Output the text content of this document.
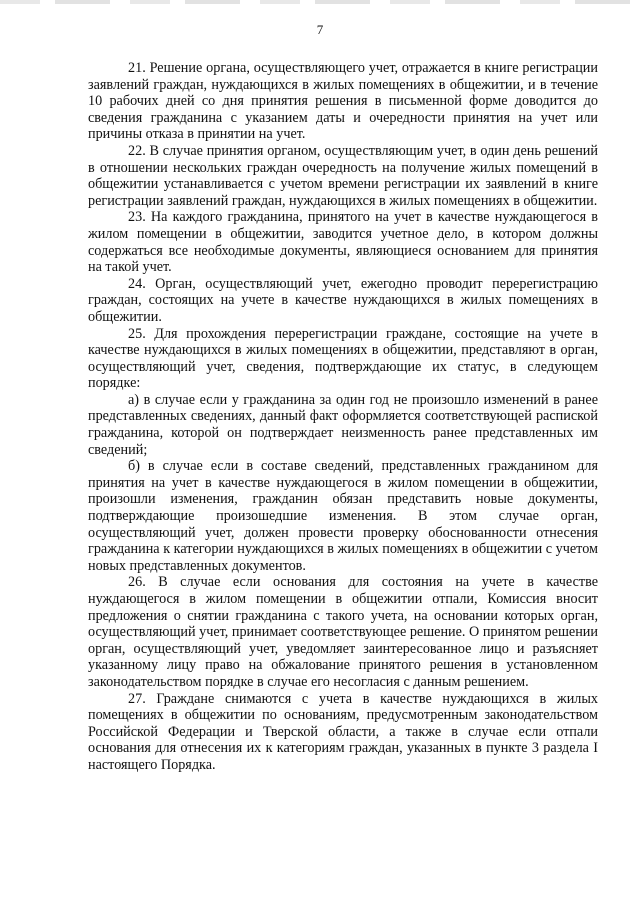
7

21. Решение органа, осуществляющего учет, отражается в книге регистрации заявлений граждан, нуждающихся в жилых помещениях в общежитии, и в течение 10 рабочих дней со дня принятия решения в письменной форме доводится до сведения гражданина с указанием даты и очередности принятия на учет или причины отказа в принятии на учет.

22. В случае принятия органом, осуществляющим учет, в один день решений в отношении нескольких граждан очередность на получение жилых помещений в общежитии устанавливается с учетом времени регистрации их заявлений в книге регистрации заявлений граждан, нуждающихся в жилых помещениях в общежитии.

23. На каждого гражданина, принятого на учет в качестве нуждающегося в жилом помещении в общежитии, заводится учетное дело, в котором должны содержаться все необходимые документы, являющиеся основанием для принятия на такой учет.

24. Орган, осуществляющий учет, ежегодно проводит перерегистрацию граждан, состоящих на учете в качестве нуждающихся в жилых помещениях в общежитии.

25. Для прохождения перерегистрации граждане, состоящие на учете в качестве нуждающихся в жилых помещениях в общежитии, представляют в орган, осуществляющий учет, сведения, подтверждающие их статус, в следующем порядке:

а) в случае если у гражданина за один год не произошло изменений в ранее представленных сведениях, данный факт оформляется соответствующей распиской гражданина, которой он подтверждает неизменность ранее представленных им сведений;

б) в случае если в составе сведений, представленных гражданином для принятия на учет в качестве нуждающегося в жилом помещении в общежитии, произошли изменения, гражданин обязан представить новые документы, подтверждающие произошедшие изменения. В этом случае орган, осуществляющий учет, должен провести проверку обоснованности отнесения гражданина к категории нуждающихся в жилых помещениях в общежитии с учетом новых представленных документов.

26. В случае если основания для состояния на учете в качестве нуждающегося в жилом помещении в общежитии отпали, Комиссия вносит предложения о снятии гражданина с такого учета, на основании которых орган, осуществляющий учет, принимает соответствующее решение. О принятом решении орган, осуществляющий учет, уведомляет заинтересованное лицо и разъясняет указанному лицу право на обжалование принятого решения в установленном законодательством порядке в случае его несогласия с данным решением.

27. Граждане снимаются с учета в качестве нуждающихся в жилых помещениях в общежитии по основаниям, предусмотренным законодательством Российской Федерации и Тверской области, а также в случае если отпали основания для отнесения их к категориям граждан, указанных в пункте 3 раздела I настоящего Порядка.
